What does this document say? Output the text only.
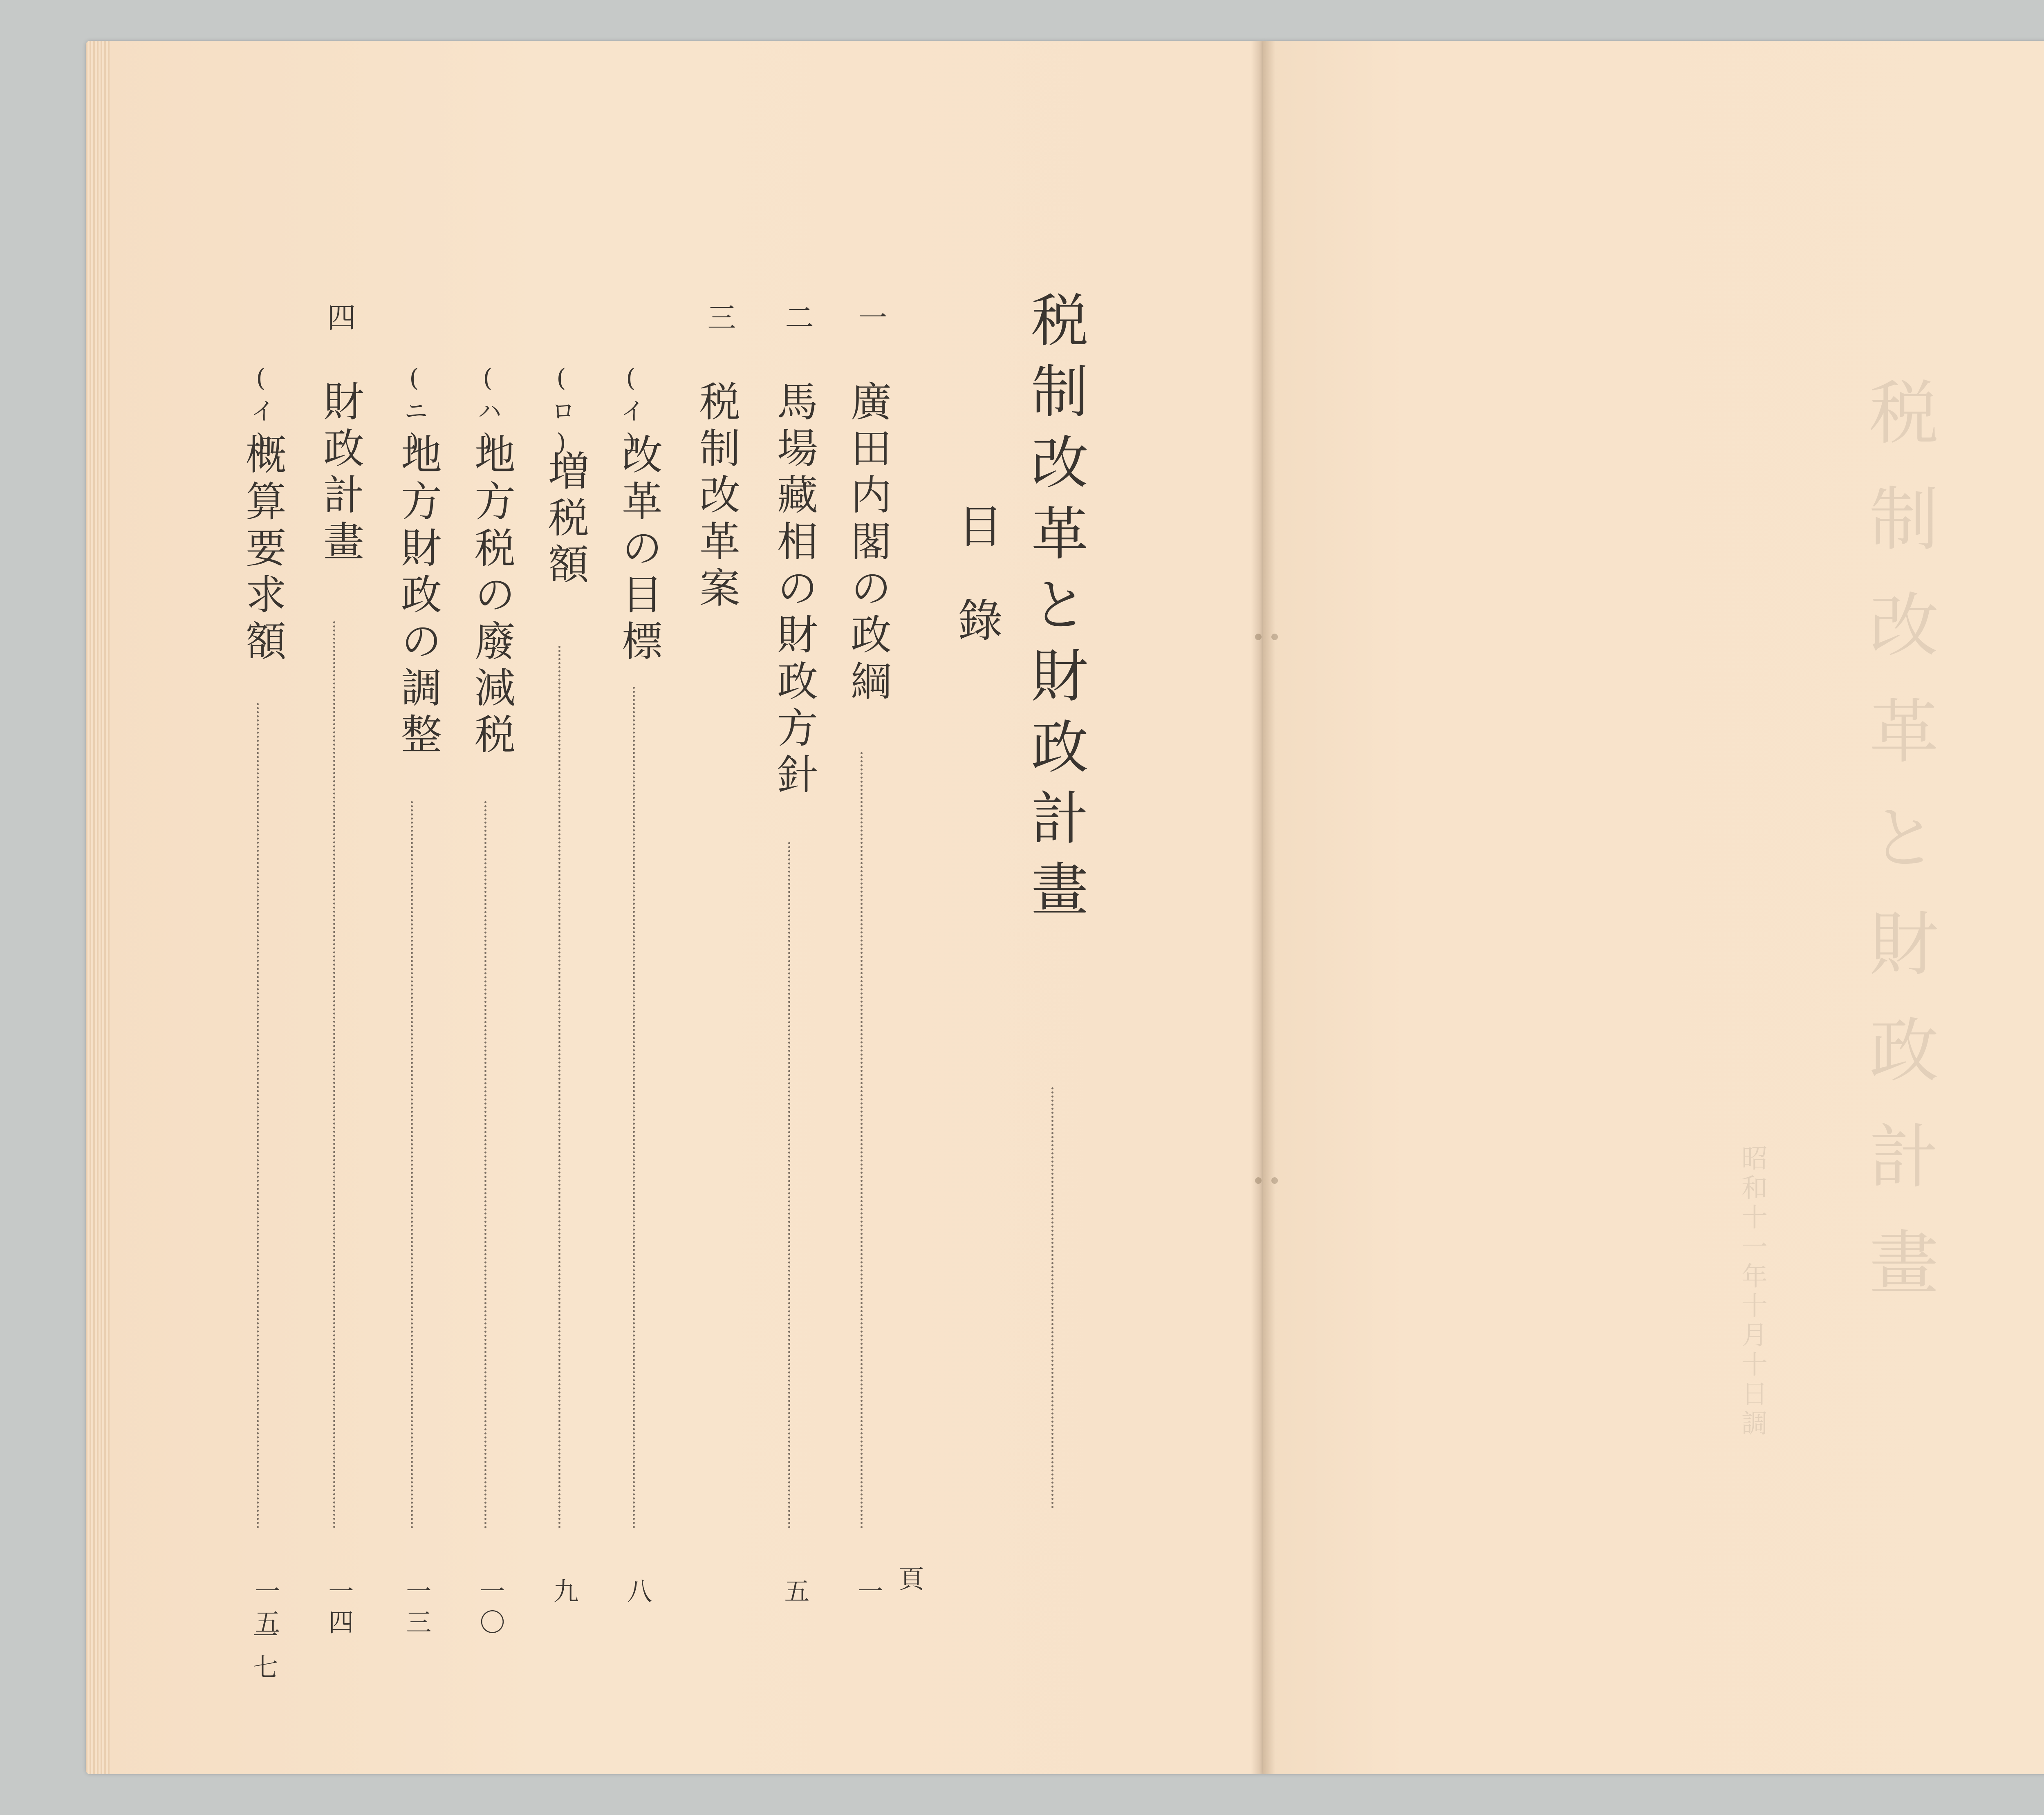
税制改革と財政計畫
目錄
頁
一
廣田内閣の政綱
一
二
馬場藏相の財政方針
五
三
税制改革案
(イ)
改革の目標
八
(ロ)
増税額
九
(ハ)
地方税の廢減税
一〇
(ニ)
地方財政の調整
一三
四
財政計畫
一四
(イ)
概算要求額
一五
一七
税制改革と財政計畫
昭和十一年十月十日調
